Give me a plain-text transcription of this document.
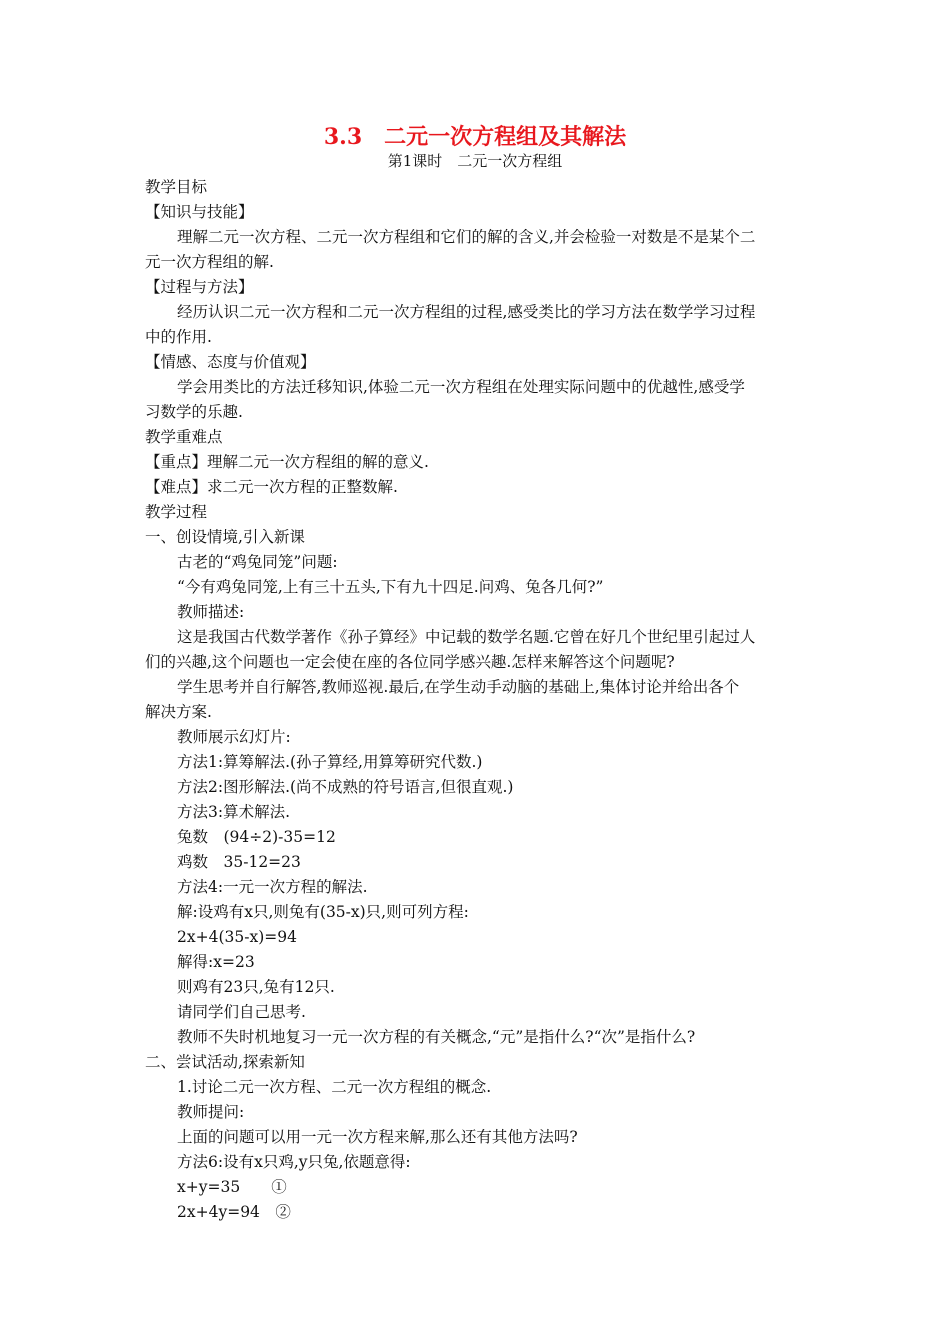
3.3　二元一次方程组及其解法
第1课时　二元一次方程组
教学目标
【知识与技能】
理解二元一次方程、二元一次方程组和它们的解的含义,并会检验一对数是不是某个二
元一次方程组的解.
【过程与方法】
经历认识二元一次方程和二元一次方程组的过程,感受类比的学习方法在数学学习过程
中的作用.
【情感、态度与价值观】
学会用类比的方法迁移知识,体验二元一次方程组在处理实际问题中的优越性,感受学
习数学的乐趣.
教学重难点
【重点】理解二元一次方程组的解的意义.
【难点】求二元一次方程的正整数解.
教学过程
一、创设情境,引入新课
古老的“鸡兔同笼”问题:
“今有鸡兔同笼,上有三十五头,下有九十四足.问鸡、兔各几何?”
教师描述:
这是我国古代数学著作《孙子算经》中记载的数学名题.它曾在好几个世纪里引起过人
们的兴趣,这个问题也一定会使在座的各位同学感兴趣.怎样来解答这个问题呢?
学生思考并自行解答,教师巡视.最后,在学生动手动脑的基础上,集体讨论并给出各个
解决方案.
教师展示幻灯片:
方法1:算筹解法.(孙子算经,用算筹研究代数.)
方法2:图形解法.(尚不成熟的符号语言,但很直观.)
方法3:算术解法.
兔数　(94÷2)-35=12
鸡数　35-12=23
方法4:一元一次方程的解法.
解:设鸡有x只,则兔有(35-x)只,则可列方程:
2x+4(35-x)=94
解得:x=23
则鸡有23只,兔有12只.
请同学们自己思考.
教师不失时机地复习一元一次方程的有关概念,“元”是指什么?“次”是指什么?
二、尝试活动,探索新知
1.讨论二元一次方程、二元一次方程组的概念.
教师提问:
上面的问题可以用一元一次方程来解,那么还有其他方法吗?
方法6:设有x只鸡,y只兔,依题意得:
x+y=35　　①
2x+4y=94　②
